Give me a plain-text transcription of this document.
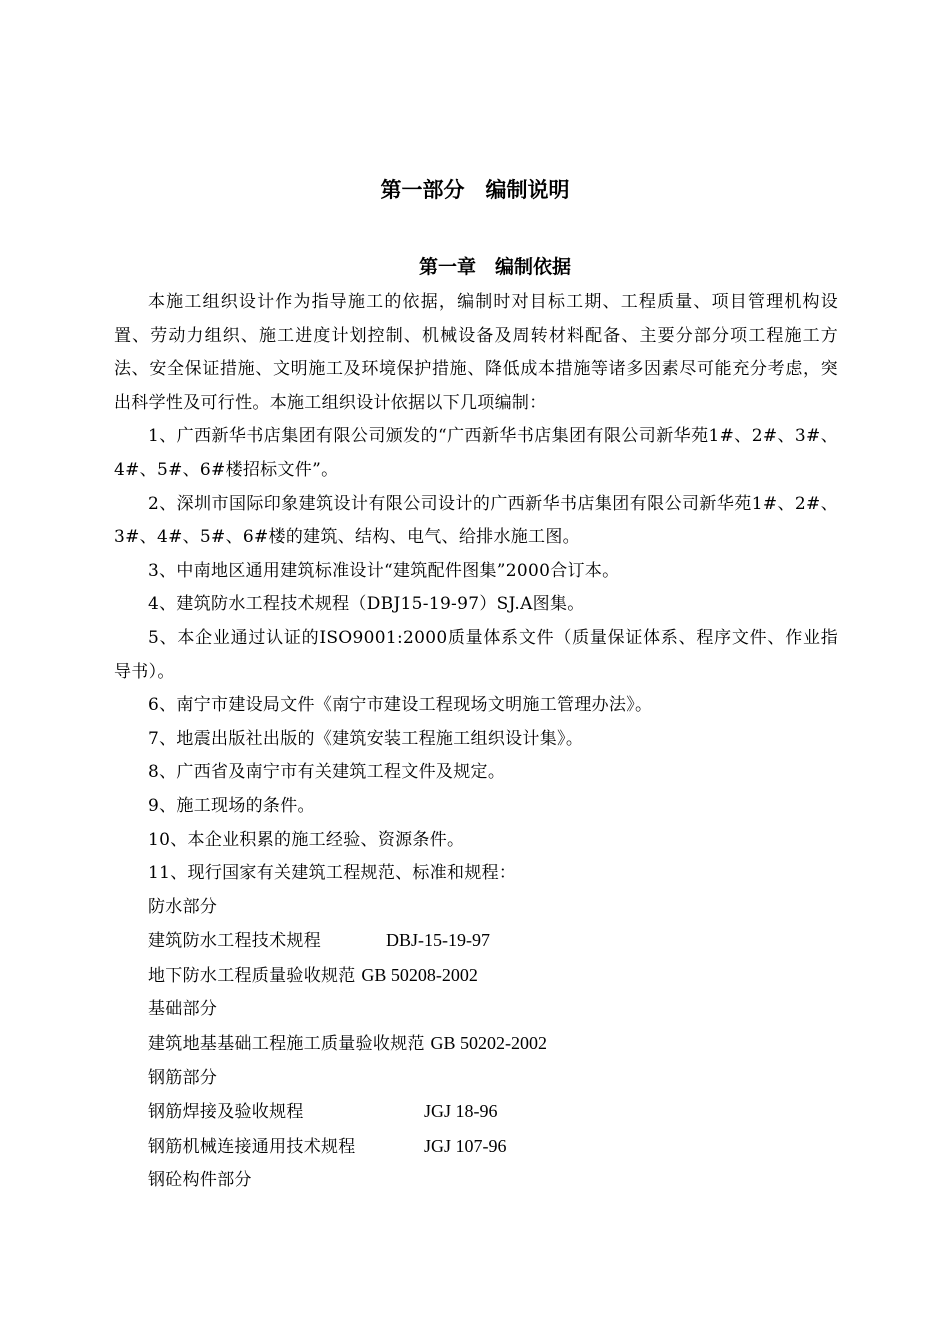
第一部分　编制说明
第一章　编制依据

本施工组织设计作为指导施工的依据，编制时对目标工期、工程质量、项目管理机构设置、劳动力组织、施工进度计划控制、机械设备及周转材料配备、主要分部分项工程施工方法、安全保证措施、文明施工及环境保护措施、降低成本措施等诸多因素尽可能充分考虑，突出科学性及可行性。本施工组织设计依据以下几项编制：

1、广西新华书店集团有限公司颁发的“广西新华书店集团有限公司新华苑1#、2#、3#、4#、5#、6#楼招标文件”。

2、深圳市国际印象建筑设计有限公司设计的广西新华书店集团有限公司新华苑1#、2#、3#、4#、5#、6#楼的建筑、结构、电气、给排水施工图。

3、中南地区通用建筑标准设计“建筑配件图集”2000合订本。

4、建筑防水工程技术规程（DBJ15-19-97）SJ.A图集。

5、本企业通过认证的ISO9001:2000质量体系文件（质量保证体系、程序文件、作业指导书）。

6、南宁市建设局文件《南宁市建设工程现场文明施工管理办法》。

7、地震出版社出版的《建筑安装工程施工组织设计集》。

8、广西省及南宁市有关建筑工程文件及规定。

9、施工现场的条件。

10、本企业积累的施工经验、资源条件。

11、现行国家有关建筑工程规范、标准和规程：

防水部分

建筑防水工程技术规程	DBJ-15-19-97

地下防水工程质量验收规范 GB 50208-2002

基础部分

建筑地基基础工程施工质量验收规范 GB 50202-2002

钢筋部分

钢筋焊接及验收规程	JGJ 18-96

钢筋机械连接通用技术规程	JGJ 107-96

钢砼构件部分
